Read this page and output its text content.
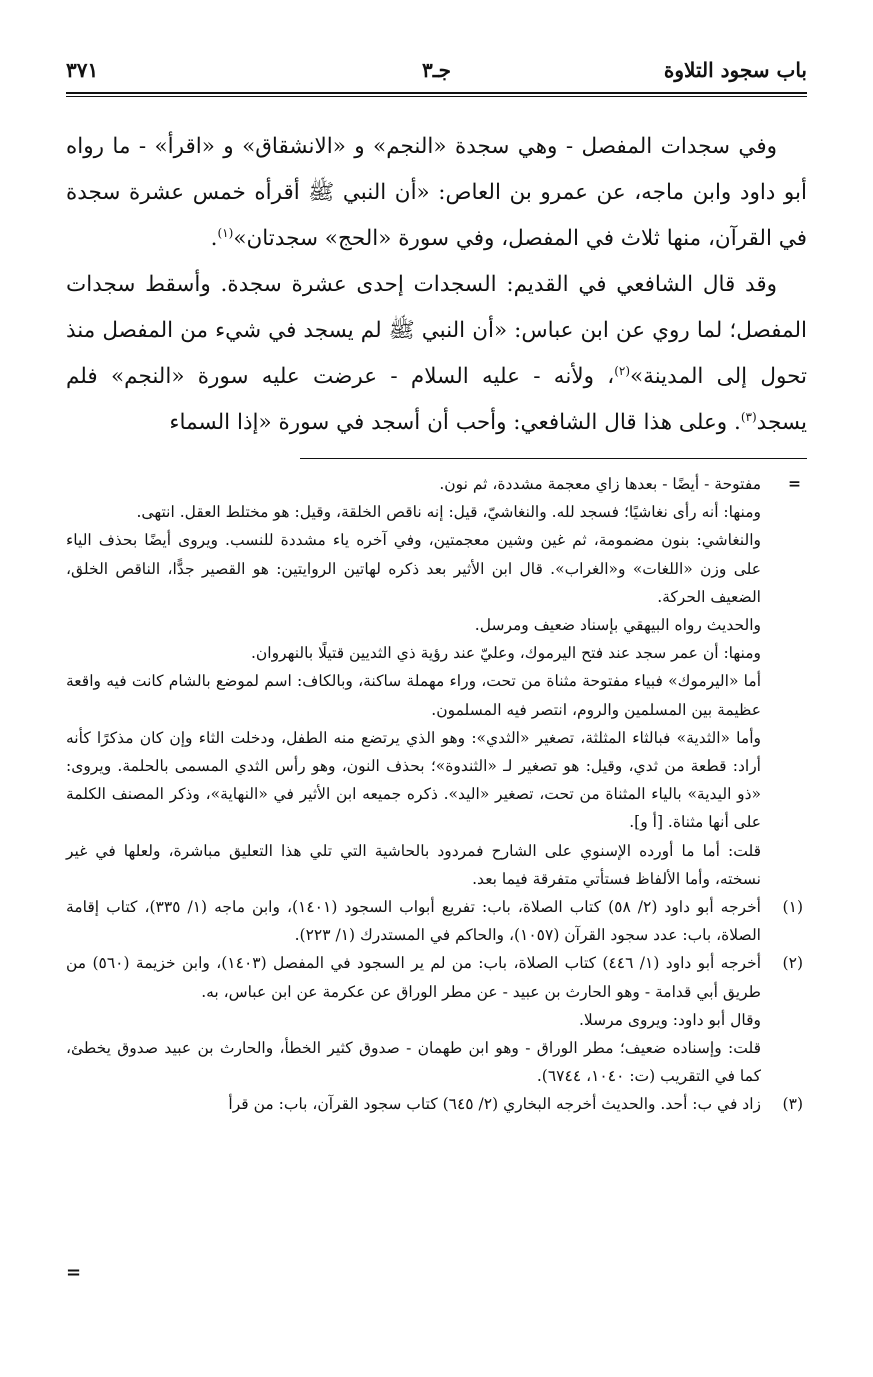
باب سجود التلاوة
جـ٣
٣٧١

وفي سجدات المفصل - وهي سجدة «النجم» و «الانشقاق» و «اقرأ» - ما رواه أبو داود وابن ماجه، عن عمرو بن العاص: «أن النبي ﷺ أقرأه خمس عشرة سجدة في القرآن، منها ثلاث في المفصل، وفي سورة «الحج» سجدتان»$^{(١)}$.

وقد قال الشافعي في القديم: السجدات إحدى عشرة سجدة. وأسقط سجدات المفصل؛ لما روي عن ابن عباس: «أن النبي ﷺ لم يسجد في شيء من المفصل منذ تحول إلى المدينة»$^{(٢)}$، ولأنه - عليه السلام - عرضت عليه سورة «النجم» فلم يسجد$^{(٣)}$. وعلى هذا قال الشافعي: وأحب أن أسجد في سورة «إذا السماء

=

مفتوحة - أيضًا - بعدها زاي معجمة مشددة، ثم نون.

ومنها: أنه رأى نغاشيًا؛ فسجد لله. والنغاشيّ، قيل: إنه ناقص الخلقة، وقيل: هو مختلط العقل. انتهى.

والنغاشي: بنون مضمومة، ثم غين وشين معجمتين، وفي آخره ياء مشددة للنسب. ويروى أيضًا بحذف الياء على وزن «اللغات» و«الغراب». قال ابن الأثير بعد ذكره لهاتين الروايتين: هو القصير جدًّا، الناقص الخلق، الضعيف الحركة.

والحديث رواه البيهقي بإسناد ضعيف ومرسل.

ومنها: أن عمر سجد عند فتح اليرموك، وعليّ عند رؤية ذي الثديين قتيلًا بالنهروان.

أما «اليرموك» فبياء مفتوحة مثناة من تحت، وراء مهملة ساكنة، وبالكاف: اسم لموضع بالشام كانت فيه واقعة عظيمة بين المسلمين والروم، انتصر فيه المسلمون.

وأما «الثدية» فبالثاء المثلثة، تصغير «الثدي»: وهو الذي يرتضع منه الطفل، ودخلت الثاء وإن كان مذكرًا كأنه أراد: قطعة من ثدي، وقيل: هو تصغير لـ «الثندوة»؛ بحذف النون، وهو رأس الثدي المسمى بالحلمة. ويروى: «ذو اليدية» بالياء المثناة من تحت، تصغير «اليد». ذكره جميعه ابن الأثير في «النهاية»، وذكر المصنف الكلمة على أنها مثناة. [أ و].

قلت: أما ما أورده الإسنوي على الشارح فمردود بالحاشية التي تلي هذا التعليق مباشرة، ولعلها في غير نسخته، وأما الألفاظ فستأتي متفرقة فيما بعد.

(١)

أخرجه أبو داود (٢/ ٥٨) كتاب الصلاة، باب: تفريع أبواب السجود (١٤٠١)، وابن ماجه (١/ ٣٣٥)، كتاب إقامة الصلاة، باب: عدد سجود القرآن (١٠٥٧)، والحاكم في المستدرك (١/ ٢٢٣).

(٢)

أخرجه أبو داود (١/ ٤٤٦) كتاب الصلاة، باب: من لم ير السجود في المفصل (١٤٠٣)، وابن خزيمة (٥٦٠) من طريق أبي قدامة - وهو الحارث بن عبيد - عن مطر الوراق عن عكرمة عن ابن عباس، به.

وقال أبو داود: ويروى مرسلا.

قلت: وإسناده ضعيف؛ مطر الوراق - وهو ابن طهمان - صدوق كثير الخطأ، والحارث بن عبيد صدوق يخطئ، كما في التقريب (ت: ١٠٤٠، ٦٧٤٤).

(٣)

زاد في ب: أحد. والحديث أخرجه البخاري (٢/ ٦٤٥) كتاب سجود القرآن، باب: من قرأ

=
